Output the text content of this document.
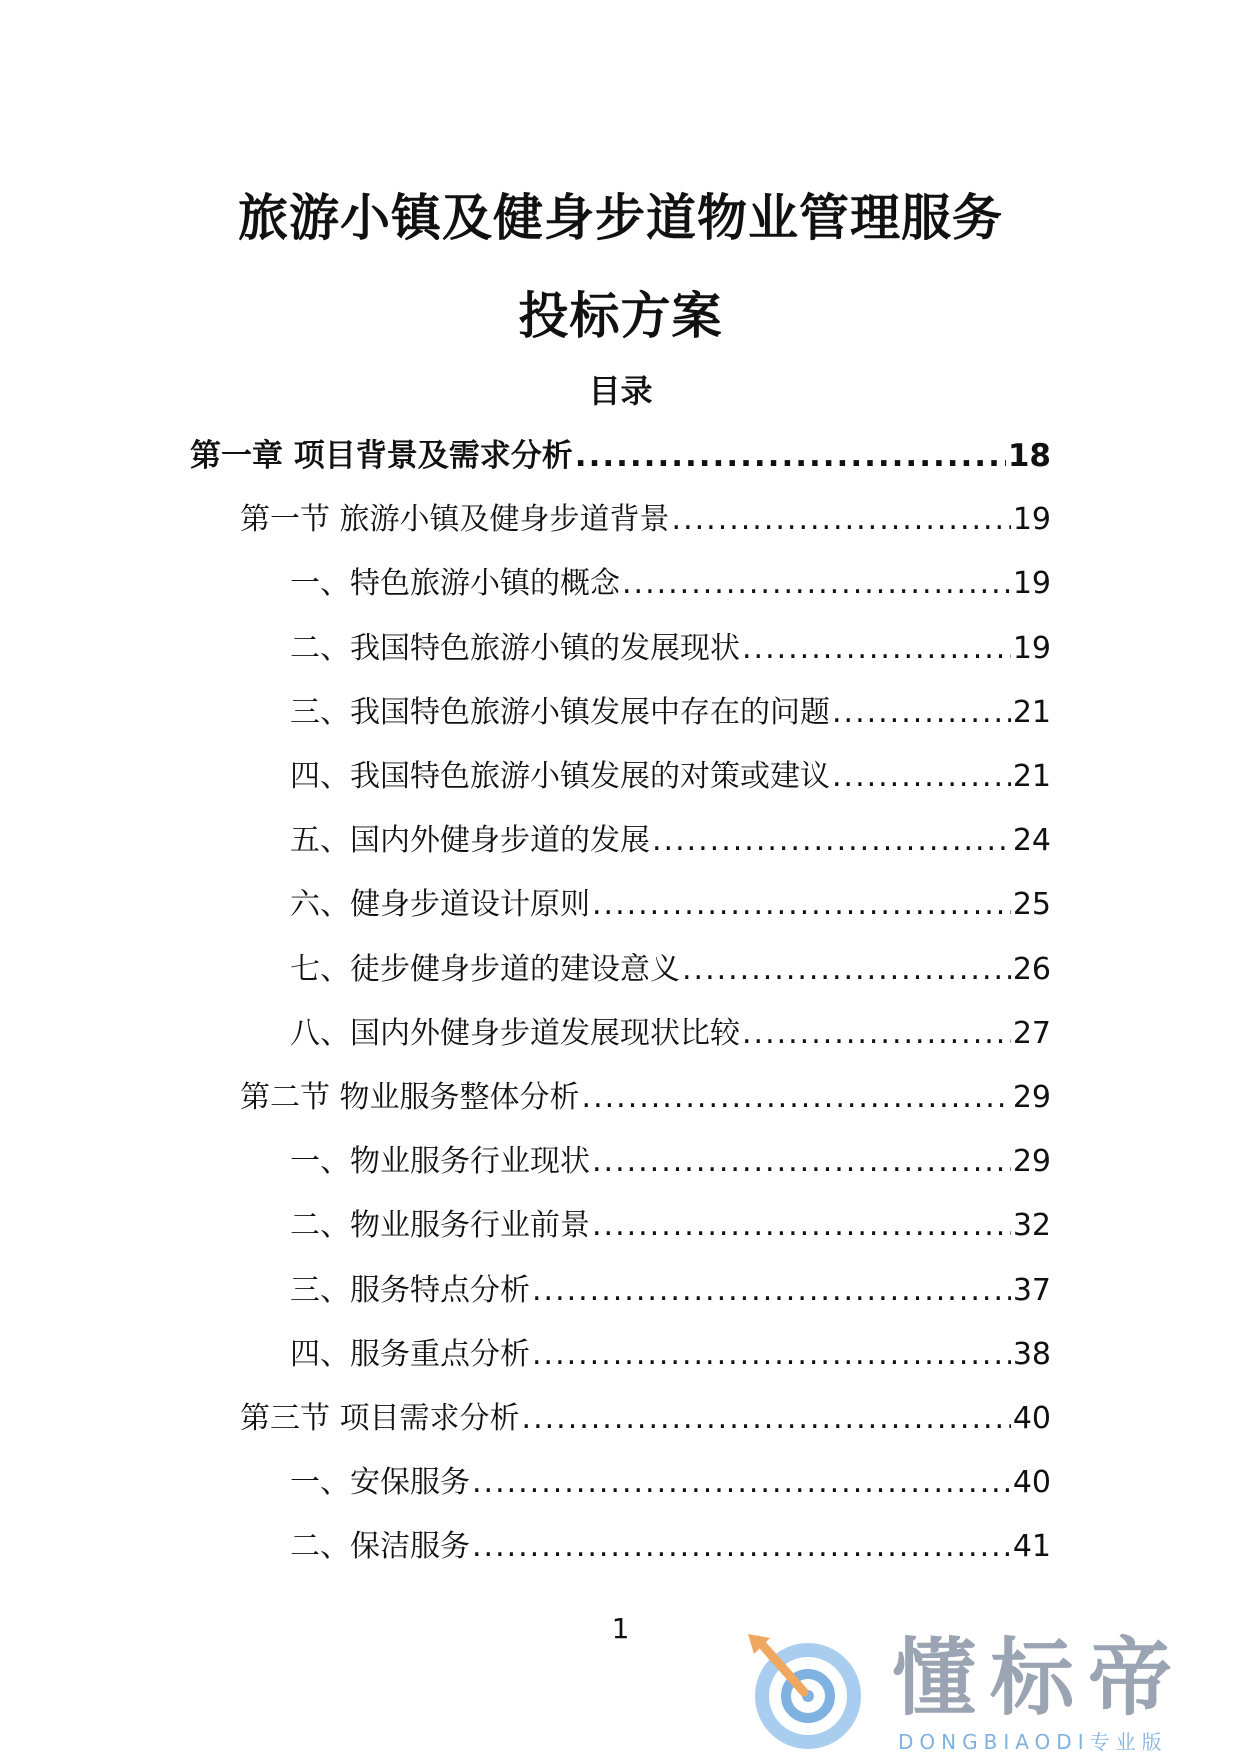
旅游小镇及健身步道物业管理服务
投标方案
目录
第一章 项目背景及需求分析 .....	18
第一节 旅游小镇及健身步道背景 .....	19
一、特色旅游小镇的概念 .....	19
二、我国特色旅游小镇的发展现状 .....	19
三、我国特色旅游小镇发展中存在的问题 .....	21
四、我国特色旅游小镇发展的对策或建议 .....	21
五、国内外健身步道的发展 .....	24
六、健身步道设计原则 .....	25
七、徒步健身步道的建设意义 .....	26
八、国内外健身步道发展现状比较 .....	27
第二节 物业服务整体分析 .....	29
一、物业服务行业现状 .....	29
二、物业服务行业前景 .....	32
三、服务特点分析 .....	37
四、服务重点分析 .....	38
第三节 项目需求分析 .....	40
一、安保服务 .....	40
二、保洁服务 .....	41
1
懂标帝
DONGBIAODI专业版
